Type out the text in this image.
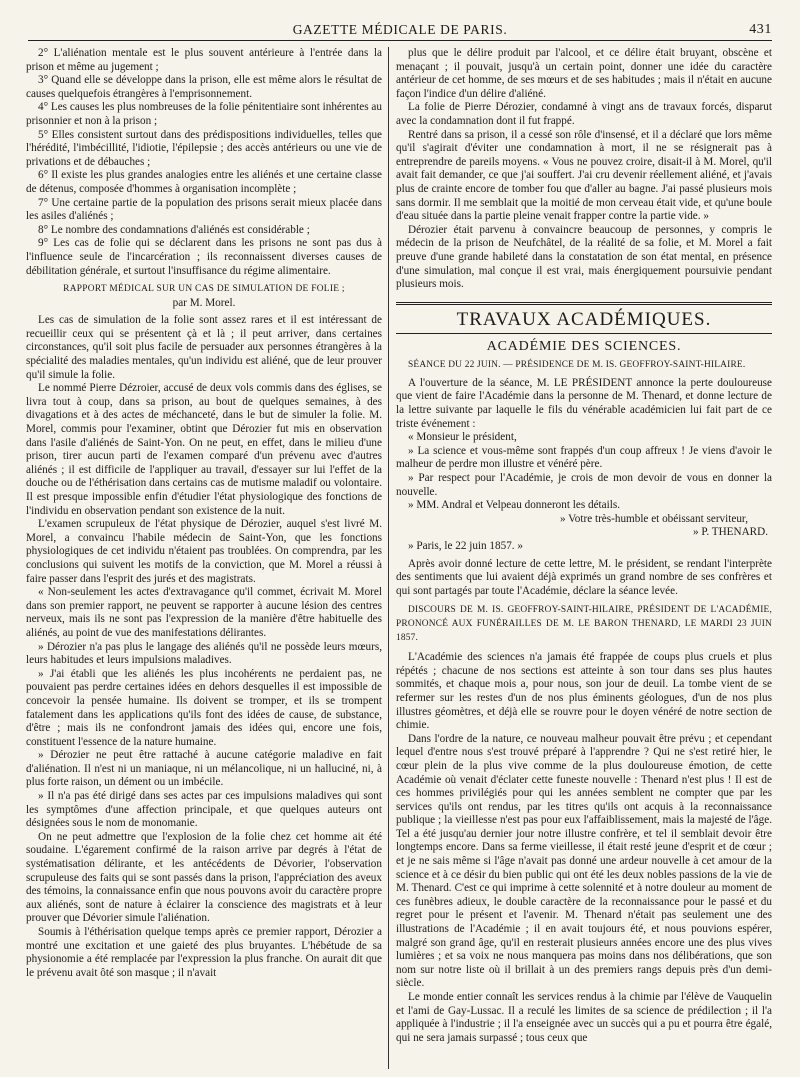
GAZETTE MÉDICALE DE PARIS.	431

2° L'aliénation mentale est le plus souvent antérieure à l'entrée dans la prison et même au jugement ;

3° Quand elle se développe dans la prison, elle est même alors le résultat de causes quelquefois étrangères à l'emprisonnement.

4° Les causes les plus nombreuses de la folie pénitentiaire sont inhérentes au prisonnier et non à la prison ;

5° Elles consistent surtout dans des prédispositions individuelles, telles que l'hérédité, l'imbécillité, l'idiotie, l'épilepsie ; des accès antérieurs ou une vie de privations et de débauches ;

6° Il existe les plus grandes analogies entre les aliénés et une certaine classe de détenus, composée d'hommes à organisation incomplète ;

7° Une certaine partie de la population des prisons serait mieux placée dans les asiles d'aliénés ;

8° Le nombre des condamnations d'aliénés est considérable ;

9° Les cas de folie qui se déclarent dans les prisons ne sont pas dus à l'influence seule de l'incarcération ; ils reconnaissent diverses causes de débilitation générale, et surtout l'insuffisance du régime alimentaire.

RAPPORT MÉDICAL SUR UN CAS DE SIMULATION DE FOLIE ;

par M. Morel.

Les cas de simulation de la folie sont assez rares et il est intéressant de recueillir ceux qui se présentent çà et là ; il peut arriver, dans certaines circonstances, qu'il soit plus facile de persuader aux personnes étrangères à la spécialité des maladies mentales, qu'un individu est aliéné, que de leur prouver qu'il simule la folie.

Le nommé Pierre Dézroier, accusé de deux vols commis dans des églises, se livra tout à coup, dans sa prison, au bout de quelques semaines, à des divagations et à des actes de méchanceté, dans le but de simuler la folie. M. Morel, commis pour l'examiner, obtint que Dérozier fut mis en observation dans l'asile d'aliénés de Saint-Yon. On ne peut, en effet, dans le milieu d'une prison, tirer aucun parti de l'examen comparé d'un prévenu avec d'autres aliénés ; il est difficile de l'appliquer au travail, d'essayer sur lui l'effet de la douche ou de l'éthérisation dans certains cas de mutisme maladif ou volontaire. Il est presque impossible enfin d'étudier l'état physiologique des fonctions de l'individu en observation pendant son existence de la nuit.

L'examen scrupuleux de l'état physique de Dérozier, auquel s'est livré M. Morel, a convaincu l'habile médecin de Saint-Yon, que les fonctions physiologiques de cet individu n'étaient pas troublées. On comprendra, par les conclusions qui suivent les motifs de la conviction, que M. Morel a réussi à faire passer dans l'esprit des jurés et des magistrats.

« Non-seulement les actes d'extravagance qu'il commet, écrivait M. Morel dans son premier rapport, ne peuvent se rapporter à aucune lésion des centres nerveux, mais ils ne sont pas l'expression de la manière d'être habituelle des aliénés, au point de vue des manifestations délirantes.

» Dérozier n'a pas plus le langage des aliénés qu'il ne possède leurs mœurs, leurs habitudes et leurs impulsions maladives.

» J'ai établi que les aliénés les plus incohérents ne perdaient pas, ne pouvaient pas perdre certaines idées en dehors desquelles il est impossible de concevoir la pensée humaine. Ils doivent se tromper, et ils se trompent fatalement dans les applications qu'ils font des idées de cause, de substance, d'être ; mais ils ne confondront jamais des idées qui, encore une fois, constituent l'essence de la nature humaine.

» Dérozier ne peut être rattaché à aucune catégorie maladive en fait d'aliénation. Il n'est ni un maniaque, ni un mélancolique, ni un halluciné, ni, à plus forte raison, un dément ou un imbécile.

» Il n'a pas été dirigé dans ses actes par ces impulsions maladives qui sont les symptômes d'une affection principale, et que quelques auteurs ont désignées sous le nom de monomanie.

On ne peut admettre que l'explosion de la folie chez cet homme ait été soudaine. L'égarement confirmé de la raison arrive par degrés à l'état de systématisation délirante, et les antécédents de Dévorier, l'observation scrupuleuse des faits qui se sont passés dans la prison, l'appréciation des aveux des témoins, la connaissance enfin que nous pouvons avoir du caractère propre aux aliénés, sont de nature à éclairer la conscience des magistrats et à leur prouver que Dévorier simule l'aliénation.

Soumis à l'éthérisation quelque temps après ce premier rapport, Dérozier a montré une excitation et une gaieté des plus bruyantes. L'hébétude de sa physionomie a été remplacée par l'expression la plus franche. On aurait dit que le prévenu avait ôté son masque ; il n'avait

plus que le délire produit par l'alcool, et ce délire était bruyant, obscène et menaçant ; il pouvait, jusqu'à un certain point, donner une idée du caractère antérieur de cet homme, de ses mœurs et de ses habitudes ; mais il n'était en aucune façon l'indice d'un délire d'aliéné.

La folie de Pierre Dérozier, condamné à vingt ans de travaux forcés, disparut avec la condamnation dont il fut frappé.

Rentré dans sa prison, il a cessé son rôle d'insensé, et il a déclaré que lors même qu'il s'agirait d'éviter une condamnation à mort, il ne se résignerait pas à entreprendre de pareils moyens. « Vous ne pouvez croire, disait-il à M. Morel, qu'il avait fait demander, ce que j'ai souffert. J'ai cru devenir réellement aliéné, et j'avais plus de crainte encore de tomber fou que d'aller au bagne. J'ai passé plusieurs mois sans dormir. Il me semblait que la moitié de mon cerveau était vide, et qu'une boule d'eau située dans la partie pleine venait frapper contre la partie vide. »

Dérozier était parvenu à convaincre beaucoup de personnes, y compris le médecin de la prison de Neufchâtel, de la réalité de sa folie, et M. Morel a fait preuve d'une grande habileté dans la constatation de son état mental, en présence d'une simulation, mal conçue il est vrai, mais énergiquement poursuivie pendant plusieurs mois.

TRAVAUX ACADÉMIQUES.

ACADÉMIE DES SCIENCES.

SÉANCE DU 22 JUIN. — PRÉSIDENCE DE M. IS. GEOFFROY-SAINT-HILAIRE.

A l'ouverture de la séance, M. LE PRÉSIDENT annonce la perte douloureuse que vient de faire l'Académie dans la personne de M. Thenard, et donne lecture de la lettre suivante par laquelle le fils du vénérable académicien lui fait part de ce triste événement :

« Monsieur le président,

» La science et vous-même sont frappés d'un coup affreux ! Je viens d'avoir le malheur de perdre mon illustre et vénéré père.

» Par respect pour l'Académie, je crois de mon devoir de vous en donner la nouvelle.

» MM. Andral et Velpeau donneront les détails.

» Votre très-humble et obéissant serviteur,

» P. THENARD.

» Paris, le 22 juin 1857. »

Après avoir donné lecture de cette lettre, M. le président, se rendant l'interprète des sentiments que lui avaient déjà exprimés un grand nombre de ses confrères et qui sont partagés par toute l'Académie, déclare la séance levée.

DISCOURS DE M. IS. GEOFFROY-SAINT-HILAIRE, PRÉSIDENT DE L'ACADÉMIE, PRONONCÉ AUX FUNÉRAILLES DE M. LE BARON THENARD, LE MARDI 23 JUIN 1857.

L'Académie des sciences n'a jamais été frappée de coups plus cruels et plus répétés ; chacune de nos sections est atteinte à son tour dans ses plus hautes sommités, et chaque mois a, pour nous, son jour de deuil. La tombe vient de se refermer sur les restes d'un de nos plus éminents géologues, d'un de nos plus illustres géomètres, et déjà elle se rouvre pour le doyen vénéré de notre section de chimie.

Dans l'ordre de la nature, ce nouveau malheur pouvait être prévu ; et cependant lequel d'entre nous s'est trouvé préparé à l'apprendre ? Qui ne s'est retiré hier, le cœur plein de la plus vive comme de la plus douloureuse émotion, de cette Académie où venait d'éclater cette funeste nouvelle : Thenard n'est plus ! Il est de ces hommes privilégiés pour qui les années semblent ne compter que par les services qu'ils ont rendus, par les titres qu'ils ont acquis à la reconnaissance publique ; la vieillesse n'est pas pour eux l'affaiblissement, mais la majesté de l'âge. Tel a été jusqu'au dernier jour notre illustre confrère, et tel il semblait devoir être longtemps encore. Dans sa ferme vieillesse, il était resté jeune d'esprit et de cœur ; et je ne sais même si l'âge n'avait pas donné une ardeur nouvelle à cet amour de la science et à ce désir du bien public qui ont été les deux nobles passions de la vie de M. Thenard. C'est ce qui imprime à cette solennité et à notre douleur au moment de ces funèbres adieux, le double caractère de la reconnaissance pour le passé et du regret pour le présent et l'avenir. M. Thenard n'était pas seulement une des illustrations de l'Académie ; il en avait toujours été, et nous pouvions espérer, malgré son grand âge, qu'il en resterait plusieurs années encore une des plus vives lumières ; et sa voix ne nous manquera pas moins dans nos délibérations, que son nom sur notre liste où il brillait à un des premiers rangs depuis près d'un demi-siècle.

Le monde entier connaît les services rendus à la chimie par l'élève de Vauquelin et l'ami de Gay-Lussac. Il a reculé les limites de sa science de prédilection ; il l'a appliquée à l'industrie ; il l'a enseignée avec un succès qui a pu et pourra être égalé, qui ne sera jamais surpassé ; tous ceux que
